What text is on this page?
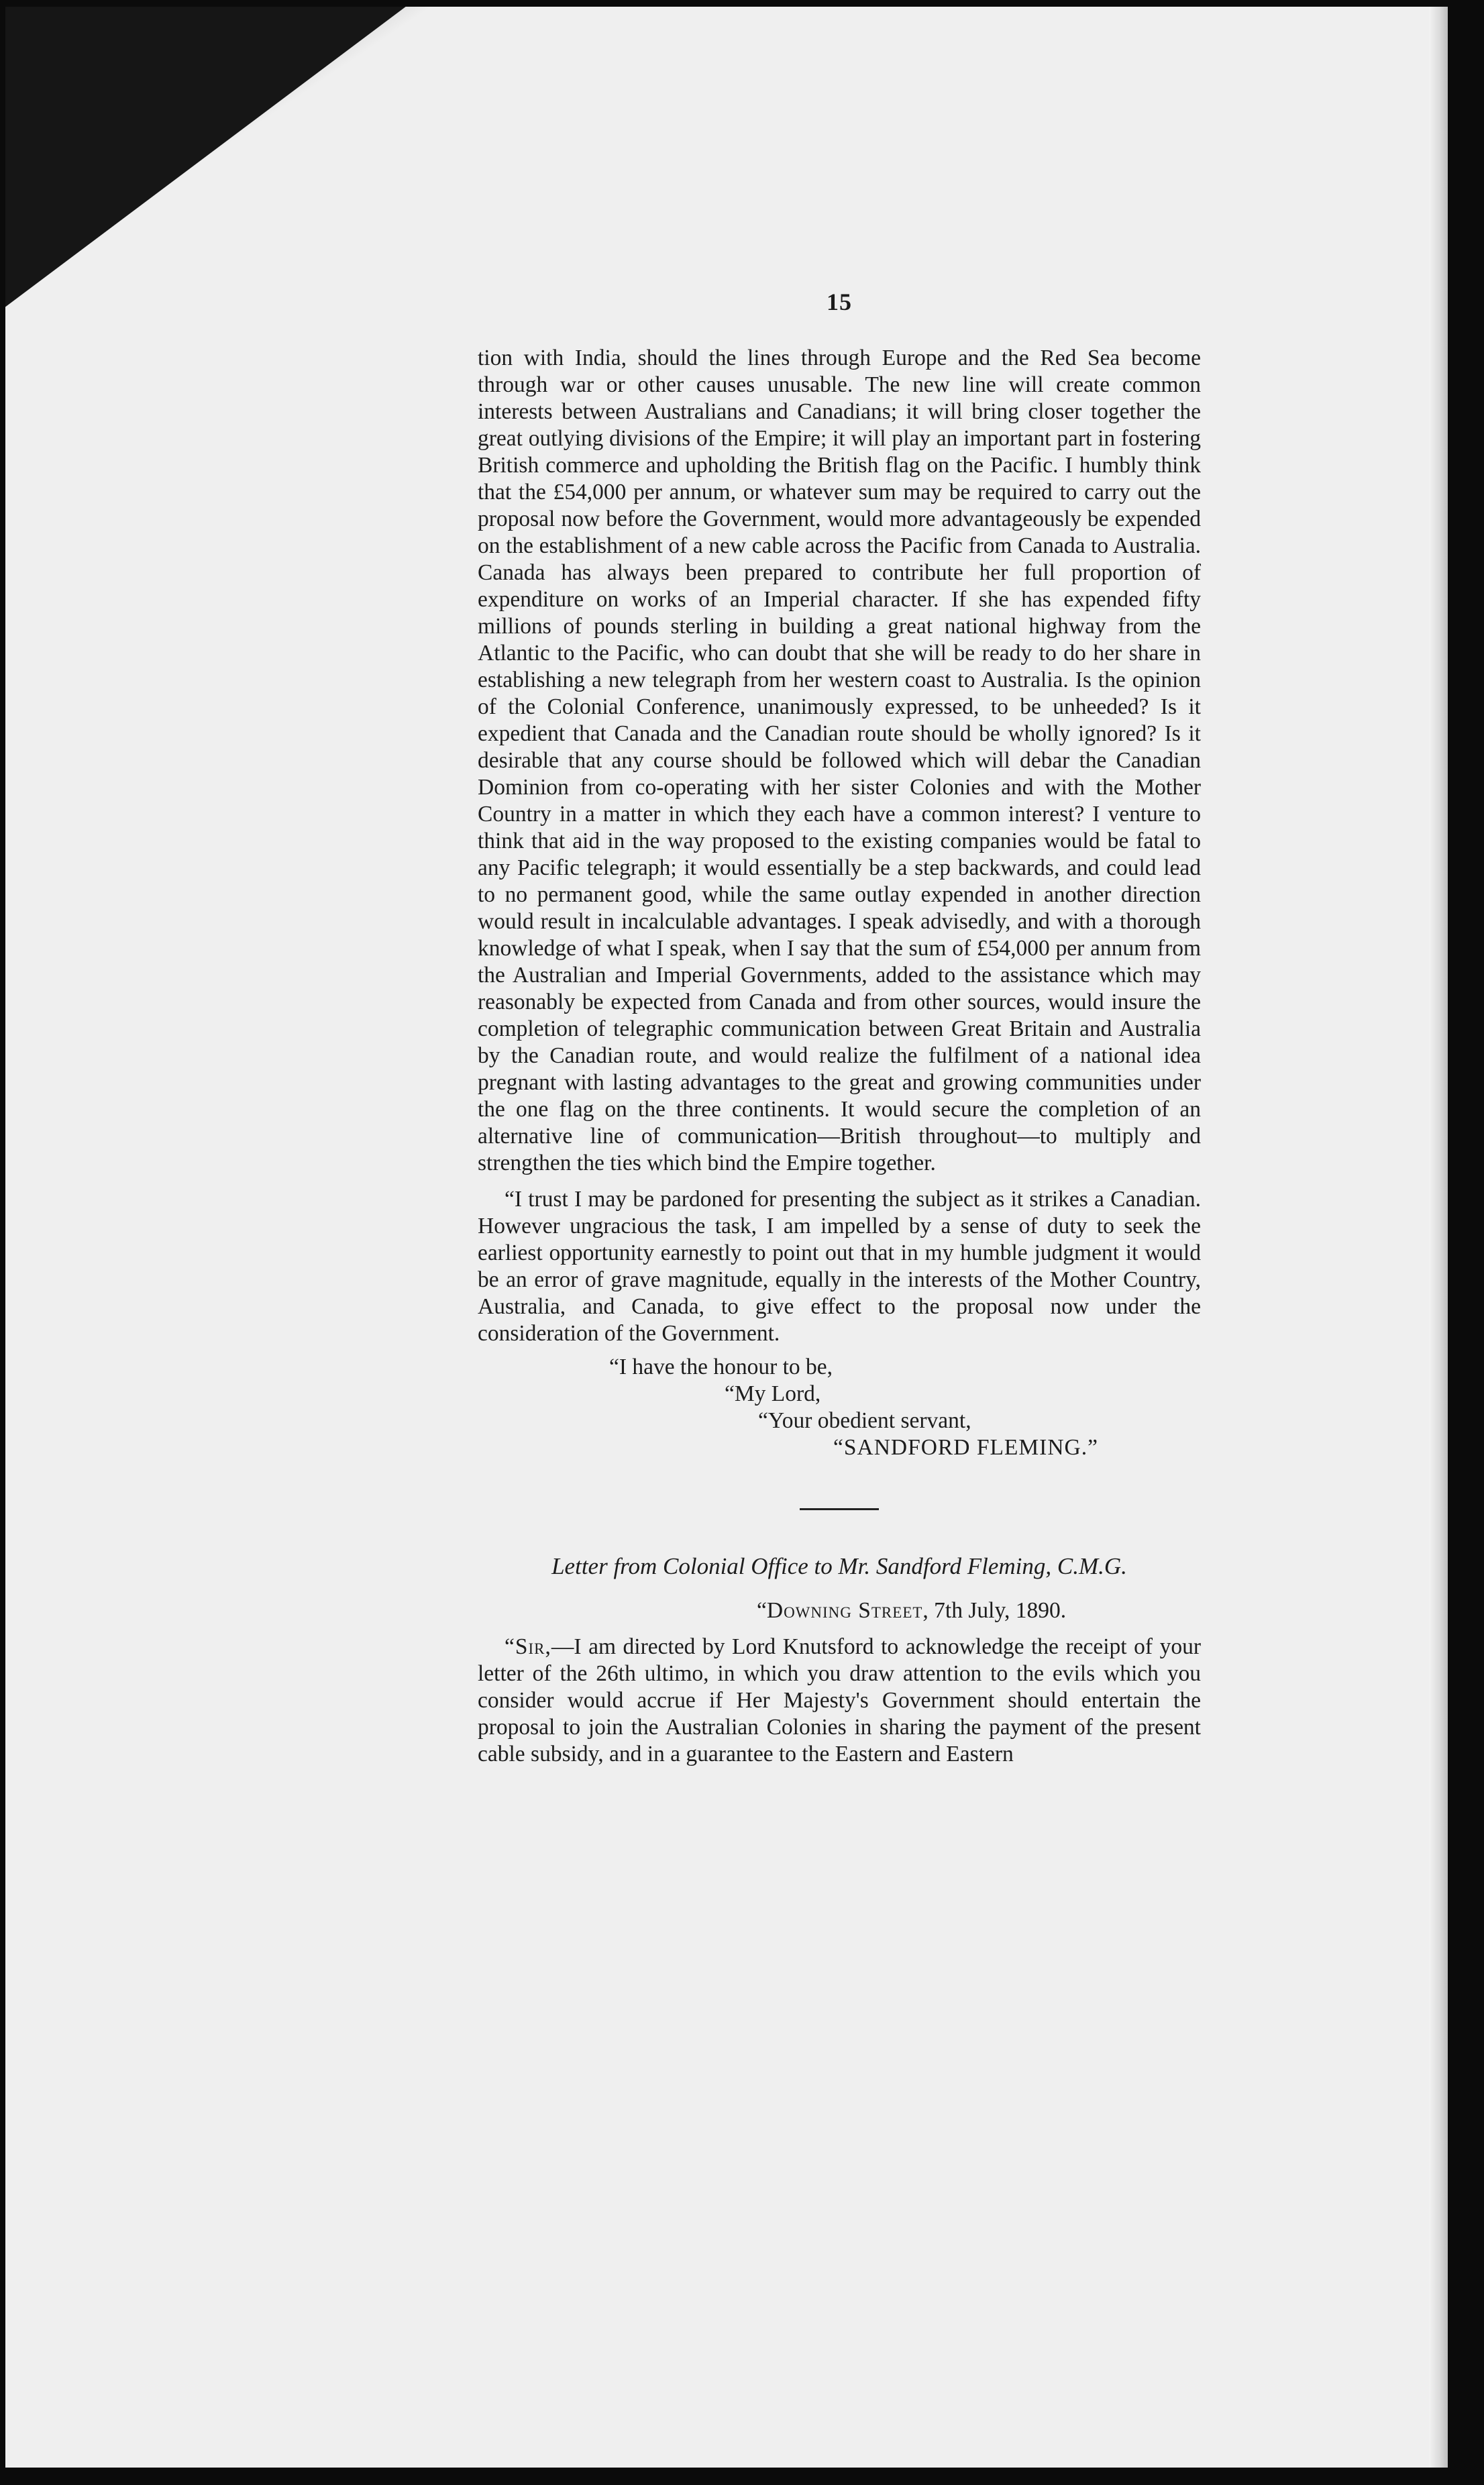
15

tion with India, should the lines through Europe and the Red Sea become through war or other causes unusable. The new line will create common interests between Australians and Canadians; it will bring closer together the great outlying divisions of the Empire; it will play an important part in fostering British commerce and upholding the British flag on the Pacific. I humbly think that the £54,000 per annum, or whatever sum may be required to carry out the proposal now before the Government, would more advantageously be expended on the establishment of a new cable across the Pacific from Canada to Australia. Canada has always been prepared to contribute her full proportion of expenditure on works of an Imperial character. If she has expended fifty millions of pounds sterling in building a great national highway from the Atlantic to the Pacific, who can doubt that she will be ready to do her share in establishing a new telegraph from her western coast to Australia. Is the opinion of the Colonial Conference, unanimously expressed, to be unheeded? Is it expedient that Canada and the Canadian route should be wholly ignored? Is it desirable that any course should be followed which will debar the Canadian Dominion from co-operating with her sister Colonies and with the Mother Country in a matter in which they each have a common interest? I venture to think that aid in the way proposed to the existing companies would be fatal to any Pacific telegraph; it would essentially be a step backwards, and could lead to no permanent good, while the same outlay expended in another direction would result in incalculable advantages. I speak advisedly, and with a thorough knowledge of what I speak, when I say that the sum of £54,000 per annum from the Australian and Imperial Governments, added to the assistance which may reasonably be expected from Canada and from other sources, would insure the completion of telegraphic communication between Great Britain and Australia by the Canadian route, and would realize the fulfilment of a national idea pregnant with lasting advantages to the great and growing communities under the one flag on the three continents. It would secure the completion of an alternative line of communication—British throughout—to multiply and strengthen the ties which bind the Empire together.

“I trust I may be pardoned for presenting the subject as it strikes a Canadian. However ungracious the task, I am impelled by a sense of duty to seek the earliest opportunity earnestly to point out that in my humble judgment it would be an error of grave magnitude, equally in the interests of the Mother Country, Australia, and Canada, to give effect to the proposal now under the consideration of the Government.

“I have the honour to be,
“My Lord,
“Your obedient servant,
“SANDFORD FLEMING.”
Letter from Colonial Office to Mr. Sandford Fleming, C.M.G.
“Downing Street, 7th July, 1890.

“Sir,—I am directed by Lord Knutsford to acknowledge the receipt of your letter of the 26th ultimo, in which you draw attention to the evils which you consider would accrue if Her Majesty's Government should entertain the proposal to join the Australian Colonies in sharing the payment of the present cable subsidy, and in a guarantee to the Eastern and Eastern
